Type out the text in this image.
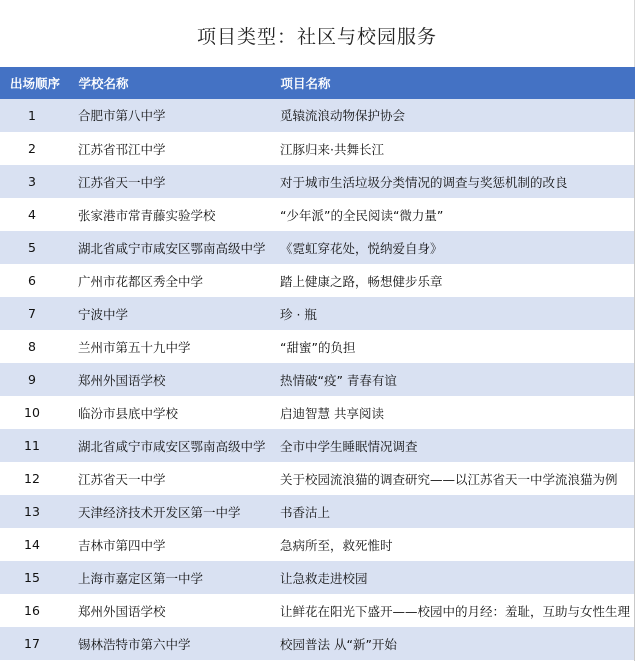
项目类型：社区与校园服务
出场顺序	学校名称	项目名称
1	合肥市第八中学	觅辕流浪动物保护协会
2	江苏省邗江中学	江豚归来·共舞长江
3	江苏省天一中学	对于城市生活垃圾分类情况的调查与奖惩机制的改良
4	张家港市常青藤实验学校	“少年派”的全民阅读“微力量”
5	湖北省咸宁市咸安区鄂南高级中学	《霓虹穿花处，悦纳爱自身》
6	广州市花都区秀全中学	踏上健康之路，畅想健步乐章
7	宁波中学	珍 · 瓶
8	兰州市第五十九中学	“甜蜜”的负担
9	郑州外国语学校	热情破“疫” 青春有谊
10	临汾市县底中学校	启迪智慧 共享阅读
11	湖北省咸宁市咸安区鄂南高级中学	全市中学生睡眠情况调查
12	江苏省天一中学	关于校园流浪猫的调查研究——以江苏省天一中学流浪猫为例
13	天津经济技术开发区第一中学	书香沽上
14	吉林市第四中学	急病所至，救死惟时
15	上海市嘉定区第一中学	让急救走进校园
16	郑州外国语学校	让鲜花在阳光下盛开——校园中的月经：羞耻，互助与女性生理
17	锡林浩特市第六中学	校园普法 从“新”开始
